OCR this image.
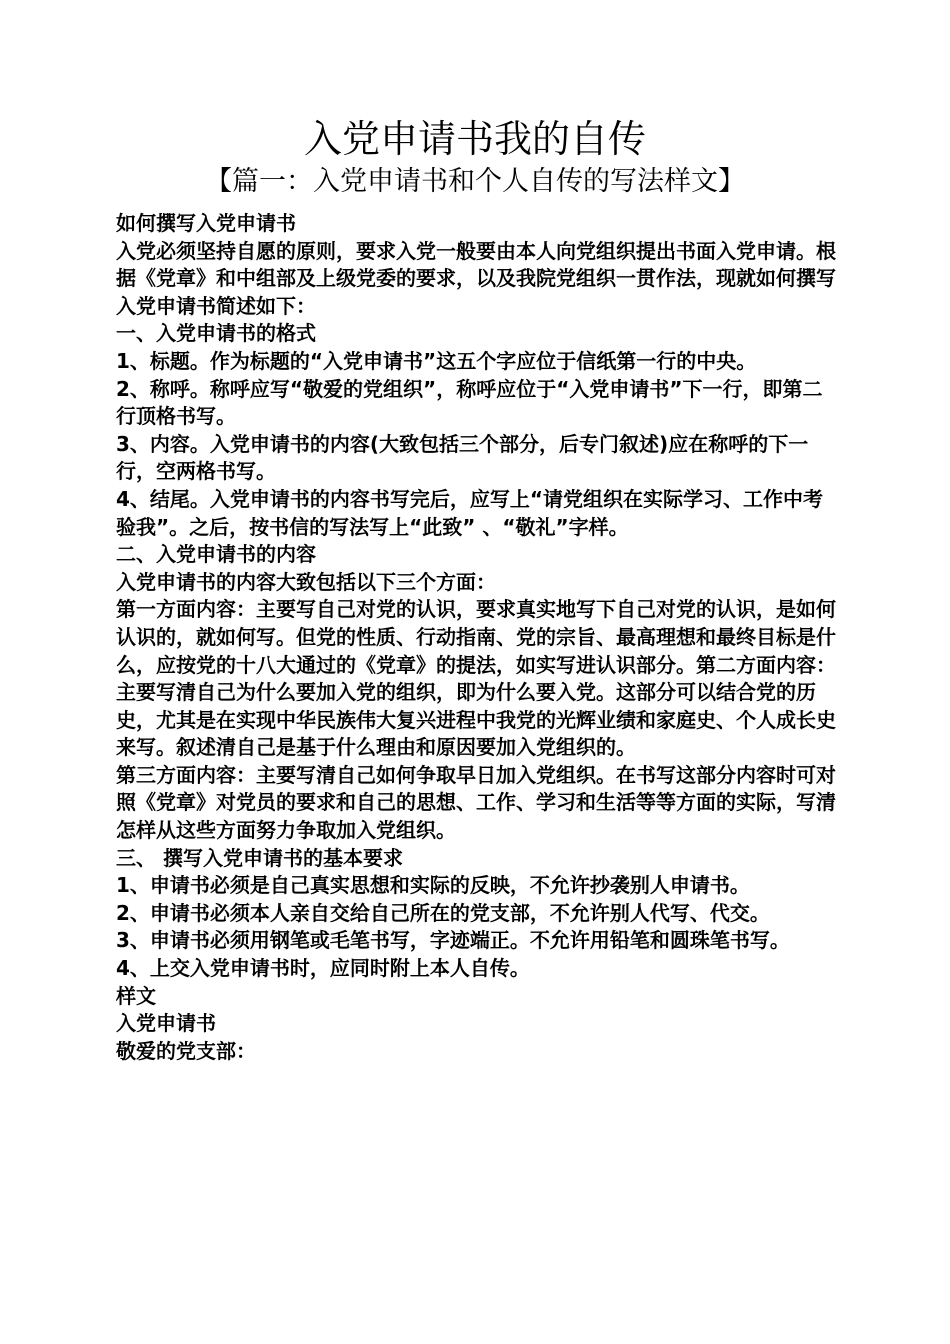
入党申请书我的自传
【篇一：入党申请书和个人自传的写法样文】

如何撰写入党申请书

入党必须坚持自愿的原则，要求入党一般要由本人向党组织提出书面入党申请。根据《党章》和中组部及上级党委的要求，以及我院党组织一贯作法，现就如何撰写入党申请书简述如下：

一、入党申请书的格式

1、标题。作为标题的“入党申请书”这五个字应位于信纸第一行的中央。

2、称呼。称呼应写“敬爱的党组织”，称呼应位于“入党申请书”下一行，即第二行顶格书写。

3、内容。入党申请书的内容(大致包括三个部分，后专门叙述)应在称呼的下一行，空两格书写。

4、结尾。入党申请书的内容书写完后，应写上“请党组织在实际学习、工作中考验我”。之后，按书信的写法写上“此致” 、“敬礼”字样。

二、入党申请书的内容

入党申请书的内容大致包括以下三个方面：

第一方面内容：主要写自己对党的认识，要求真实地写下自己对党的认识，是如何认识的，就如何写。但党的性质、行动指南、党的宗旨、最高理想和最终目标是什么，应按党的十八大通过的《党章》的提法，如实写进认识部分。第二方面内容：主要写清自己为什么要加入党的组织，即为什么要入党。这部分可以结合党的历史，尤其是在实现中华民族伟大复兴进程中我党的光辉业绩和家庭史、个人成长史来写。叙述清自己是基于什么理由和原因要加入党组织的。

第三方面内容：主要写清自己如何争取早日加入党组织。在书写这部分内容时可对照《党章》对党员的要求和自己的思想、工作、学习和生活等等方面的实际，写清怎样从这些方面努力争取加入党组织。

三、 撰写入党申请书的基本要求

1、申请书必须是自己真实思想和实际的反映，不允许抄袭别人申请书。

2、申请书必须本人亲自交给自己所在的党支部，不允许别人代写、代交。

3、申请书必须用钢笔或毛笔书写，字迹端正。不允许用铅笔和圆珠笔书写。

4、上交入党申请书时，应同时附上本人自传。

样文

入党申请书

敬爱的党支部：
